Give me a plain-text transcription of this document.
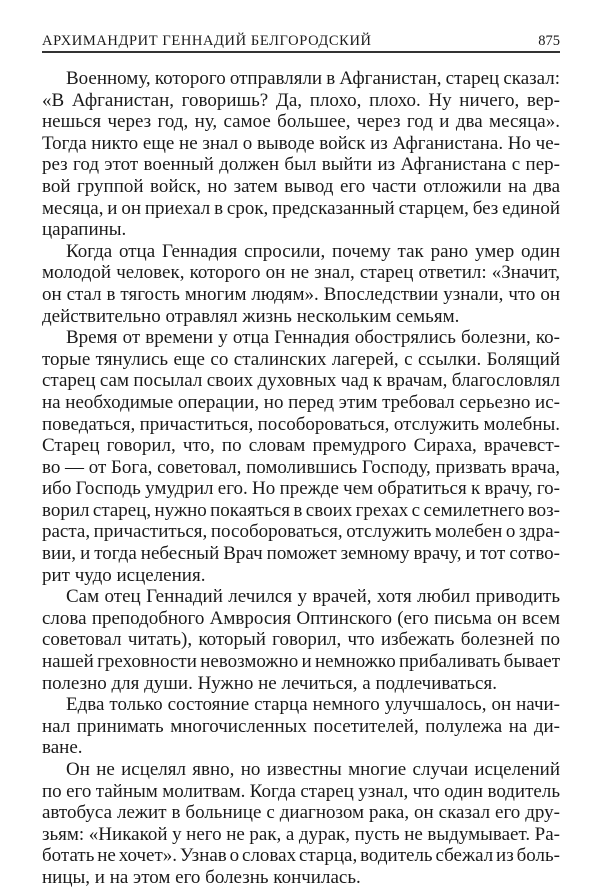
АРХИМАНДРИТ ГЕННАДИЙ БЕЛГОРОДСКИЙ	875
Военному, которого отправляли в Афганистан, старец сказал:
«В Афганистан, говоришь? Да, плохо, плохо. Ну ничего, вер-
нешься через год, ну, самое большее, через год и два месяца».
Тогда никто еще не знал о выводе войск из Афганистана. Но че-
рез год этот военный должен был выйти из Афганистана с пер-
вой группой войск, но затем вывод его части отложили на два
месяца, и он приехал в срок, предсказанный старцем, без единой
царапины.
Когда отца Геннадия спросили, почему так рано умер один
молодой человек, которого он не знал, старец ответил: «Значит,
он стал в тягость многим людям». Впоследствии узнали, что он
действительно отравлял жизнь нескольким семьям.
Время от времени у отца Геннадия обострялись болезни, ко-
торые тянулись еще со сталинских лагерей, с ссылки. Болящий
старец сам посылал своих духовных чад к врачам, благословлял
на необходимые операции, но перед этим требовал серьезно ис-
поведаться, причаститься, пособороваться, отслужить молебны.
Старец говорил, что, по словам премудрого Сираха, врачевст-
во — от Бога, советовал, помолившись Господу, призвать врача,
ибо Господь умудрил его. Но прежде чем обратиться к врачу, го-
ворил старец, нужно покаяться в своих грехах с семилетнего воз-
раста, причаститься, пособороваться, отслужить молебен о здра-
вии, и тогда небесный Врач поможет земному врачу, и тот сотво-
рит чудо исцеления.
Сам отец Геннадий лечился у врачей, хотя любил приводить
слова преподобного Амвросия Оптинского (его письма он всем
советовал читать), который говорил, что избежать болезней по
нашей греховности невозможно и немножко прибаливать бывает
полезно для души. Нужно не лечиться, а подлечиваться.
Едва только состояние старца немного улучшалось, он начи-
нал принимать многочисленных посетителей, полулежа на ди-
ване.
Он не исцелял явно, но известны многие случаи исцелений
по его тайным молитвам. Когда старец узнал, что один водитель
автобуса лежит в больнице с диагнозом рака, он сказал его дру-
зьям: «Никакой у него не рак, а дурак, пусть не выдумывает. Ра-
ботать не хочет». Узнав о словах старца, водитель сбежал из боль-
ницы, и на этом его болезнь кончилась.
